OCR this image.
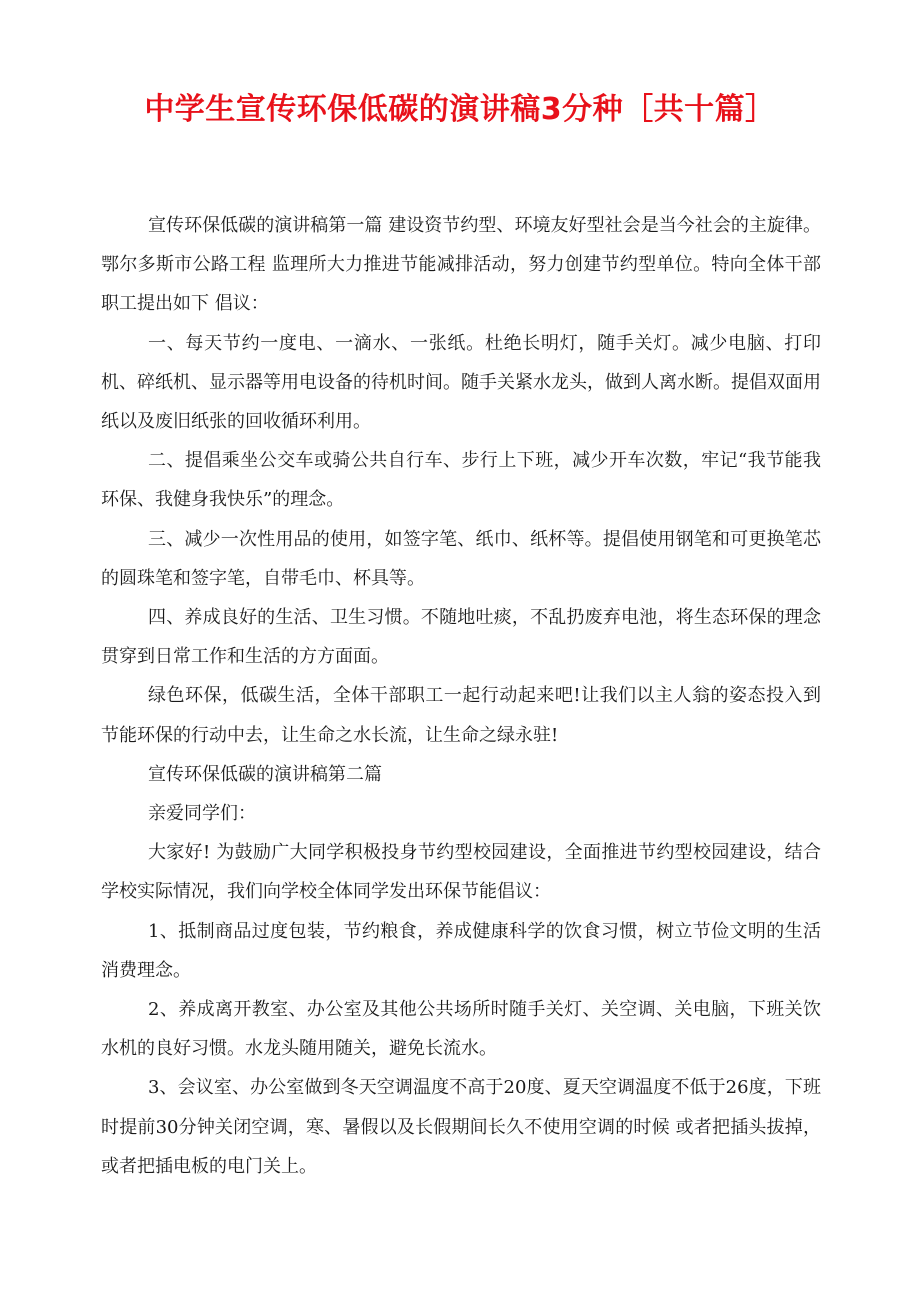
中学生宣传环保低碳的演讲稿3分种［共十篇］

宣传环保低碳的演讲稿第一篇 建设资节约型、环境友好型社会是当今社会的主旋律。鄂尔多斯市公路工程 监理所大力推进节能减排活动，努力创建节约型单位。特向全体干部职工提出如下 倡议：

一、每天节约一度电、一滴水、一张纸。杜绝长明灯，随手关灯。减少电脑、打印机、碎纸机、显示器等用电设备的待机时间。随手关紧水龙头，做到人离水断。提倡双面用纸以及废旧纸张的回收循环利用。

二、提倡乘坐公交车或骑公共自行车、步行上下班，减少开车次数，牢记“我节能我环保、我健身我快乐”的理念。

三、减少一次性用品的使用，如签字笔、纸巾、纸杯等。提倡使用钢笔和可更换笔芯的圆珠笔和签字笔，自带毛巾、杯具等。

四、养成良好的生活、卫生习惯。不随地吐痰，不乱扔废弃电池，将生态环保的理念贯穿到日常工作和生活的方方面面。

绿色环保，低碳生活，全体干部职工一起行动起来吧!让我们以主人翁的姿态投入到节能环保的行动中去，让生命之水长流，让生命之绿永驻!

宣传环保低碳的演讲稿第二篇

亲爱同学们：

大家好! 为鼓励广大同学积极投身节约型校园建设，全面推进节约型校园建设，结合 学校实际情况，我们向学校全体同学发出环保节能倡议：

1、抵制商品过度包装，节约粮食，养成健康科学的饮食习惯，树立节俭文明的生活消费理念。

2、养成离开教室、办公室及其他公共场所时随手关灯、关空调、关电脑，下班关饮水机的良好习惯。水龙头随用随关，避免长流水。

3、会议室、办公室做到冬天空调温度不高于20度、夏天空调温度不低于26度，下班时提前30分钟关闭空调，寒、暑假以及长假期间长久不使用空调的时候 或者把插头拔掉，或者把插电板的电门关上。
